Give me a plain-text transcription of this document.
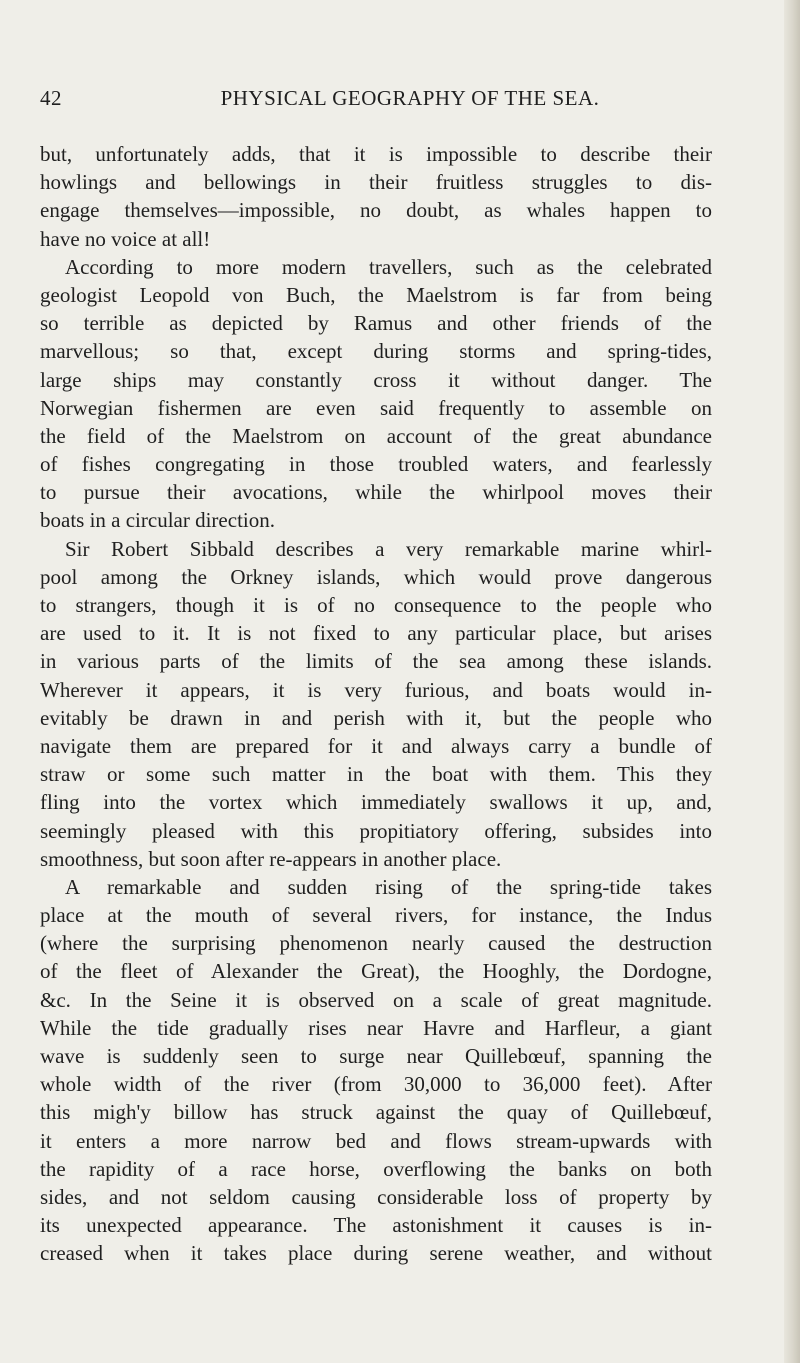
42	PHYSICAL GEOGRAPHY OF THE SEA.
but, unfortunately adds, that it is impossible to describe their
howlings and bellowings in their fruitless struggles to dis-
engage themselves—impossible, no doubt, as whales happen to
have no voice at all!
According to more modern travellers, such as the celebrated
geologist Leopold von Buch, the Maelstrom is far from being
so terrible as depicted by Ramus and other friends of the
marvellous; so that, except during storms and spring-tides,
large ships may constantly cross it without danger. The
Norwegian fishermen are even said frequently to assemble on
the field of the Maelstrom on account of the great abundance
of fishes congregating in those troubled waters, and fearlessly
to pursue their avocations, while the whirlpool moves their
boats in a circular direction.
Sir Robert Sibbald describes a very remarkable marine whirl-
pool among the Orkney islands, which would prove dangerous
to strangers, though it is of no consequence to the people who
are used to it. It is not fixed to any particular place, but arises
in various parts of the limits of the sea among these islands.
Wherever it appears, it is very furious, and boats would in-
evitably be drawn in and perish with it, but the people who
navigate them are prepared for it and always carry a bundle of
straw or some such matter in the boat with them. This they
fling into the vortex which immediately swallows it up, and,
seemingly pleased with this propitiatory offering, subsides into
smoothness, but soon after re-appears in another place.
A remarkable and sudden rising of the spring-tide takes
place at the mouth of several rivers, for instance, the Indus
(where the surprising phenomenon nearly caused the destruction
of the fleet of Alexander the Great), the Hooghly, the Dordogne,
&c. In the Seine it is observed on a scale of great magnitude.
While the tide gradually rises near Havre and Harfleur, a giant
wave is suddenly seen to surge near Quillebœuf, spanning the
whole width of the river (from 30,000 to 36,000 feet). After
this migh'y billow has struck against the quay of Quillebœuf,
it enters a more narrow bed and flows stream-upwards with
the rapidity of a race horse, overflowing the banks on both
sides, and not seldom causing considerable loss of property by
its unexpected appearance. The astonishment it causes is in-
creased when it takes place during serene weather, and without
